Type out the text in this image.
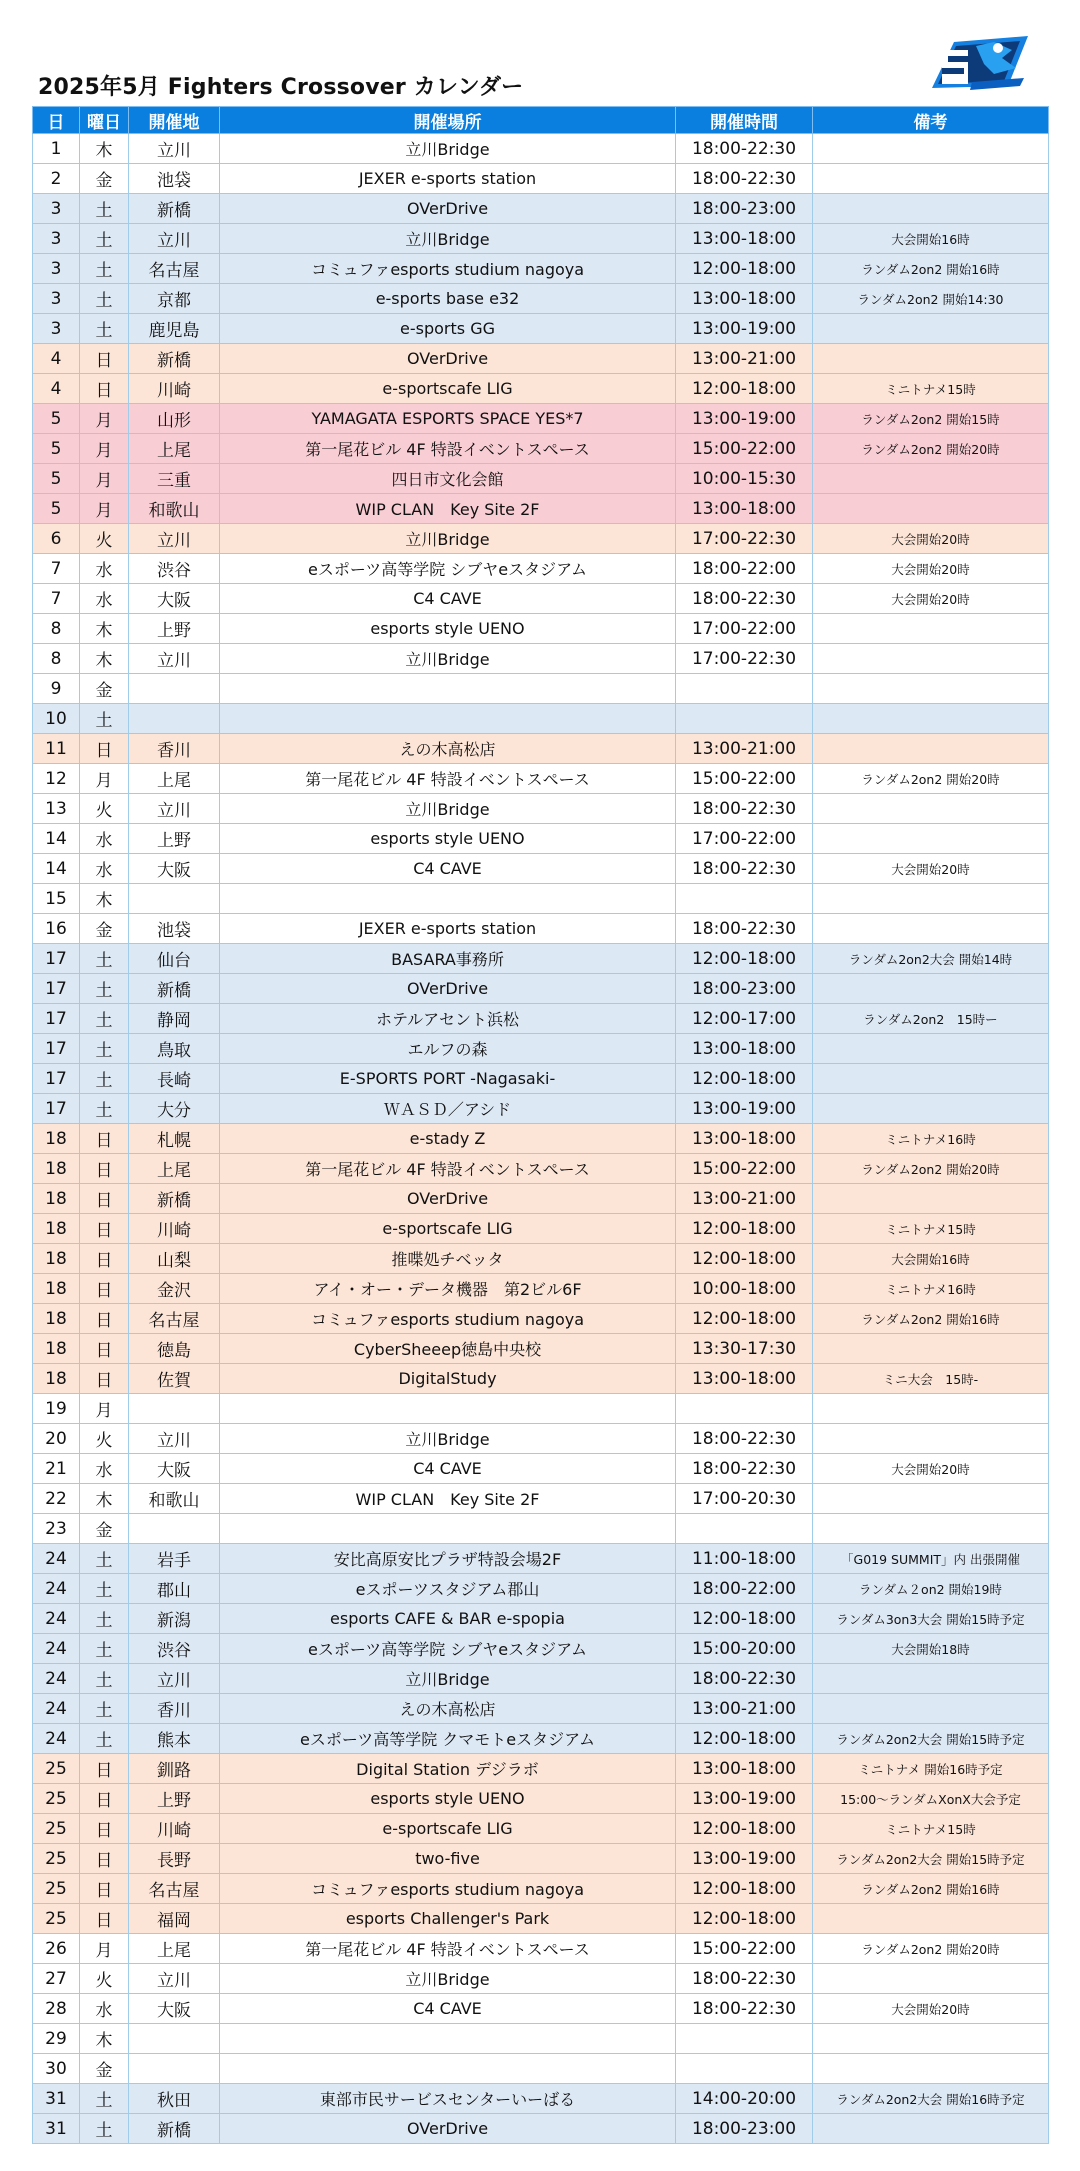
2025年5月 Fighters Crossover カレンダー
日	曜日	開催地	開催場所	開催時間	備考
1	木	立川	立川Bridge	18:00-22:30	
2	金	池袋	JEXER e-sports station	18:00-22:30	
3	土	新橋	OVerDrive	18:00-23:00	
3	土	立川	立川Bridge	13:00-18:00	大会開始16時
3	土	名古屋	コミュファesports studium nagoya	12:00-18:00	ランダム2on2 開始16時
3	土	京都	e-sports base e32	13:00-18:00	ランダム2on2 開始14:30
3	土	鹿児島	e-sports GG	13:00-19:00	
4	日	新橋	OVerDrive	13:00-21:00	
4	日	川崎	e-sportscafe LIG	12:00-18:00	ミニトナメ15時
5	月	山形	YAMAGATA ESPORTS SPACE YES*7	13:00-19:00	ランダム2on2 開始15時
5	月	上尾	第一尾花ビル 4F 特設イベントスペース	15:00-22:00	ランダム2on2 開始20時
5	月	三重	四日市文化会館	10:00-15:30	
5	月	和歌山	WIP CLAN　Key Site 2F	13:00-18:00	
6	火	立川	立川Bridge	17:00-22:30	大会開始20時
7	水	渋谷	eスポーツ高等学院 シブヤeスタジアム	18:00-22:00	大会開始20時
7	水	大阪	C4 CAVE	18:00-22:30	大会開始20時
8	木	上野	esports style UENO	17:00-22:00	
8	木	立川	立川Bridge	17:00-22:30	
9	金				
10	土				
11	日	香川	えの木高松店	13:00-21:00	
12	月	上尾	第一尾花ビル 4F 特設イベントスペース	15:00-22:00	ランダム2on2 開始20時
13	火	立川	立川Bridge	18:00-22:30	
14	水	上野	esports style UENO	17:00-22:00	
14	水	大阪	C4 CAVE	18:00-22:30	大会開始20時
15	木				
16	金	池袋	JEXER e-sports station	18:00-22:30	
17	土	仙台	BASARA事務所	12:00-18:00	ランダム2on2大会 開始14時
17	土	新橋	OVerDrive	18:00-23:00	
17	土	静岡	ホテルアセント浜松	12:00-17:00	ランダム2on2　15時ー
17	土	鳥取	エルフの森	13:00-18:00	
17	土	長崎	E-SPORTS PORT -Nagasaki-	12:00-18:00	
17	土	大分	ＷＡＳＤ／アシド	13:00-19:00	
18	日	札幌	e-stady Z	13:00-18:00	ミニトナメ16時
18	日	上尾	第一尾花ビル 4F 特設イベントスペース	15:00-22:00	ランダム2on2 開始20時
18	日	新橋	OVerDrive	13:00-21:00	
18	日	川崎	e-sportscafe LIG	12:00-18:00	ミニトナメ15時
18	日	山梨	推喋処チベッタ	12:00-18:00	大会開始16時
18	日	金沢	アイ・オー・データ機器　第2ビル6F	10:00-18:00	ミニトナメ16時
18	日	名古屋	コミュファesports studium nagoya	12:00-18:00	ランダム2on2 開始16時
18	日	徳島	CyberSheeep徳島中央校	13:30-17:30	
18	日	佐賀	DigitalStudy	13:00-18:00	ミニ大会　15時-
19	月				
20	火	立川	立川Bridge	18:00-22:30	
21	水	大阪	C4 CAVE	18:00-22:30	大会開始20時
22	木	和歌山	WIP CLAN　Key Site 2F	17:00-20:30	
23	金				
24	土	岩手	安比高原安比プラザ特設会場2F	11:00-18:00	「G019 SUMMIT」内 出張開催
24	土	郡山	eスポーツスタジアム郡山	18:00-22:00	ランダム２on2 開始19時
24	土	新潟	esports CAFE & BAR e-spopia	12:00-18:00	ランダム3on3大会 開始15時予定
24	土	渋谷	eスポーツ高等学院 シブヤeスタジアム	15:00-20:00	大会開始18時
24	土	立川	立川Bridge	18:00-22:30	
24	土	香川	えの木高松店	13:00-21:00	
24	土	熊本	eスポーツ高等学院 クマモトeスタジアム	12:00-18:00	ランダム2on2大会 開始15時予定
25	日	釧路	Digital Station デジラボ	13:00-18:00	ミニトナメ 開始16時予定
25	日	上野	esports style UENO	13:00-19:00	15:00～ランダムXonX大会予定
25	日	川崎	e-sportscafe LIG	12:00-18:00	ミニトナメ15時
25	日	長野	two-five	13:00-19:00	ランダム2on2大会 開始15時予定
25	日	名古屋	コミュファesports studium nagoya	12:00-18:00	ランダム2on2 開始16時
25	日	福岡	esports Challenger's Park	12:00-18:00	
26	月	上尾	第一尾花ビル 4F 特設イベントスペース	15:00-22:00	ランダム2on2 開始20時
27	火	立川	立川Bridge	18:00-22:30	
28	水	大阪	C4 CAVE	18:00-22:30	大会開始20時
29	木				
30	金				
31	土	秋田	東部市民サービスセンターいーばる	14:00-20:00	ランダム2on2大会 開始16時予定
31	土	新橋	OVerDrive	18:00-23:00	
